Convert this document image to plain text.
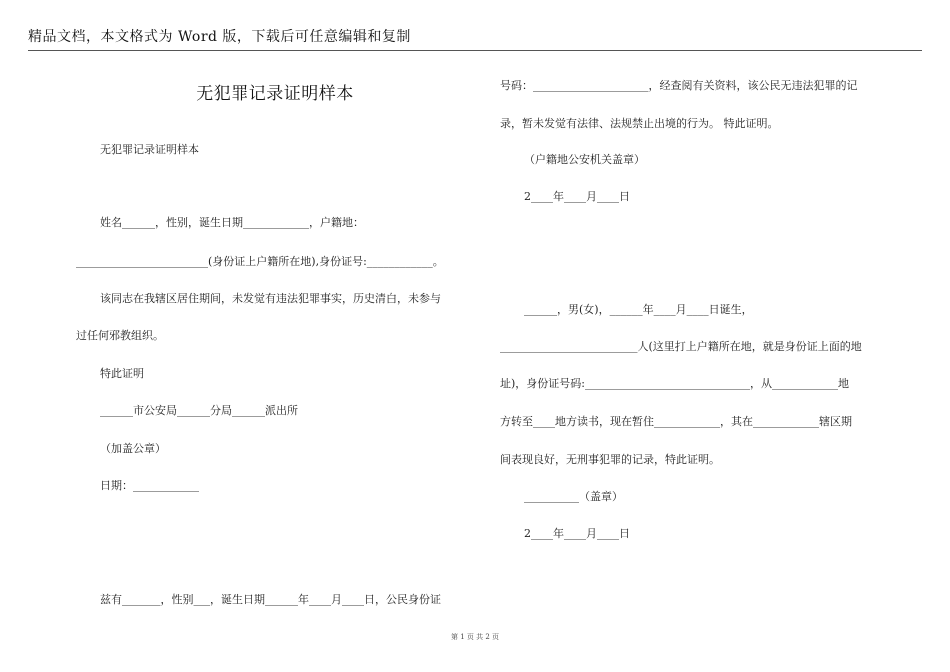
精品文档，本文格式为 Word 版，下载后可任意编辑和复制
无犯罪记录证明样本
无犯罪记录证明样本
姓名______，性别，诞生日期____________，户籍地：
________________________(身份证上户籍所在地),身份证号:____________。
该同志在我辖区居住期间，未发觉有违法犯罪事实，历史清白，未参与
过任何邪教组织。
特此证明
______市公安局______分局______派出所
（加盖公章）
日期：____________
兹有_______，性别___，诞生日期______年____月____日，公民身份证
号码：_____________________，经查阅有关资料，该公民无违法犯罪的记
录，暂未发觉有法律、法规禁止出境的行为。 特此证明。
（户籍地公安机关盖章）
2____年____月____日
______，男(女)，______年____月____日诞生，
_________________________人(这里打上户籍所在地，就是身份证上面的地
址)，身份证号码:______________________________，从____________地
方转至____地方读书，现在暂住____________，其在____________辖区期
间表现良好，无刑事犯罪的记录，特此证明。
__________（盖章）
2____年____月____日
第 1 页 共 2 页
